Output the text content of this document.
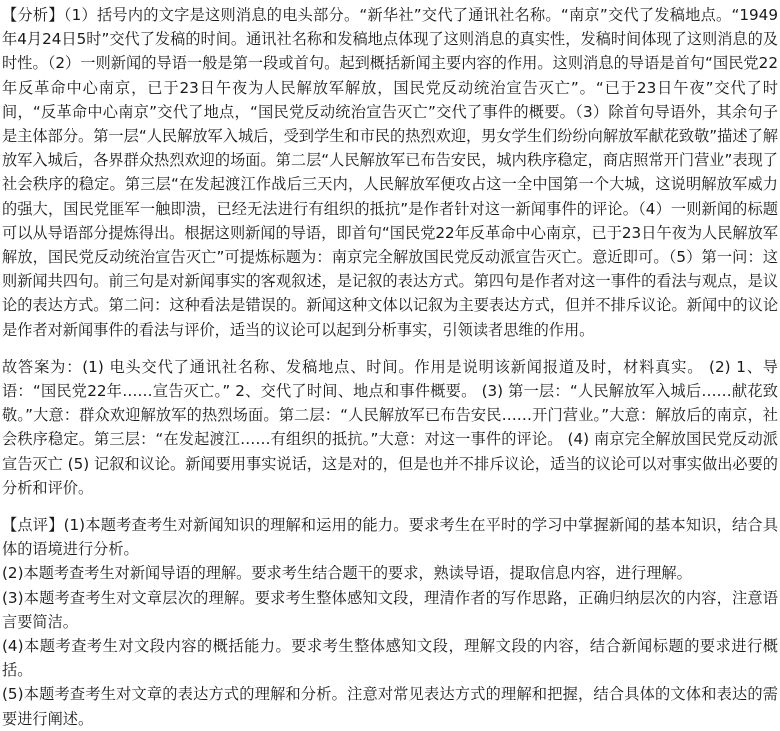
【分析】（1）括号内的文字是这则消息的电头部分。“新华社”交代了通讯社名称。“南京”交代了发稿地点。“1949年4月24日5时”交代了发稿的时间。通讯社名称和发稿地点体现了这则消息的真实性，发稿时间体现了这则消息的及时性。（2）一则新闻的导语一般是第一段或首句。起到概括新闻主要内容的作用。这则消息的导语是首句“国民党22年反革命中心南京，已于23日午夜为人民解放军解放，国民党反动统治宣告灭亡”。“已于23日午夜”交代了时间，“反革命中心南京”交代了地点，“国民党反动统治宣告灭亡”交代了事件的概要。（3）除首句导语外，其余句子是主体部分。第一层“人民解放军入城后，受到学生和市民的热烈欢迎，男女学生们纷纷向解放军献花致敬”描述了解放军入城后，各界群众热烈欢迎的场面。第二层“人民解放军已布告安民，城内秩序稳定，商店照常开门营业”表现了社会秩序的稳定。第三层“在发起渡江作战后三天内，人民解放军便攻占这一全中国第一个大城，这说明解放军威力的强大，国民党匪军一触即溃，已经无法进行有组织的抵抗”是作者针对这一新闻事件的评论。（4）一则新闻的标题可以从导语部分提炼得出。根据这则新闻的导语，即首句“国民党22年反革命中心南京，已于23日午夜为人民解放军解放，国民党反动统治宣告灭亡”可提炼标题为：南京完全解放国民党反动派宣告灭亡。意近即可。（5）第一问：这则新闻共四句。前三句是对新闻事实的客观叙述，是记叙的表达方式。第四句是作者对这一事件的看法与观点，是议论的表达方式。第二问：这种看法是错误的。新闻这种文体以记叙为主要表达方式，但并不排斥议论。新闻中的议论是作者对新闻事件的看法与评价，适当的议论可以起到分析事实，引领读者思维的作用。

故答案为：(1) 电头交代了通讯社名称、发稿地点、时间。作用是说明该新闻报道及时，材料真实。 (2) 1、导语：“国民党22年……宣告灭亡。” 2、交代了时间、地点和事件概要。 (3) 第一层：“人民解放军入城后……献花致敬。”大意：群众欢迎解放军的热烈场面。第二层：“人民解放军已布告安民……开门营业。”大意：解放后的南京，社会秩序稳定。第三层：“在发起渡江……有组织的抵抗。”大意：对这一事件的评论。 (4) 南京完全解放国民党反动派宣告灭亡 (5) 记叙和议论。新闻要用事实说话，这是对的，但是也并不排斥议论，适当的议论可以对事实做出必要的分析和评价。

【点评】(1)本题考查考生对新闻知识的理解和运用的能力。要求考生在平时的学习中掌握新闻的基本知识，结合具体的语境进行分析。

(2)本题考查考生对新闻导语的理解。要求考生结合题干的要求，熟读导语，提取信息内容，进行理解。

(3)本题考查考生对文章层次的理解。要求考生整体感知文段，理清作者的写作思路，正确归纳层次的内容，注意语言要简洁。

(4)本题考查考生对文段内容的概括能力。要求考生整体感知文段，理解文段的内容，结合新闻标题的要求进行概括。

(5)本题考查考生对文章的表达方式的理解和分析。注意对常见表达方式的理解和把握，结合具体的文体和表达的需要进行阐述。
